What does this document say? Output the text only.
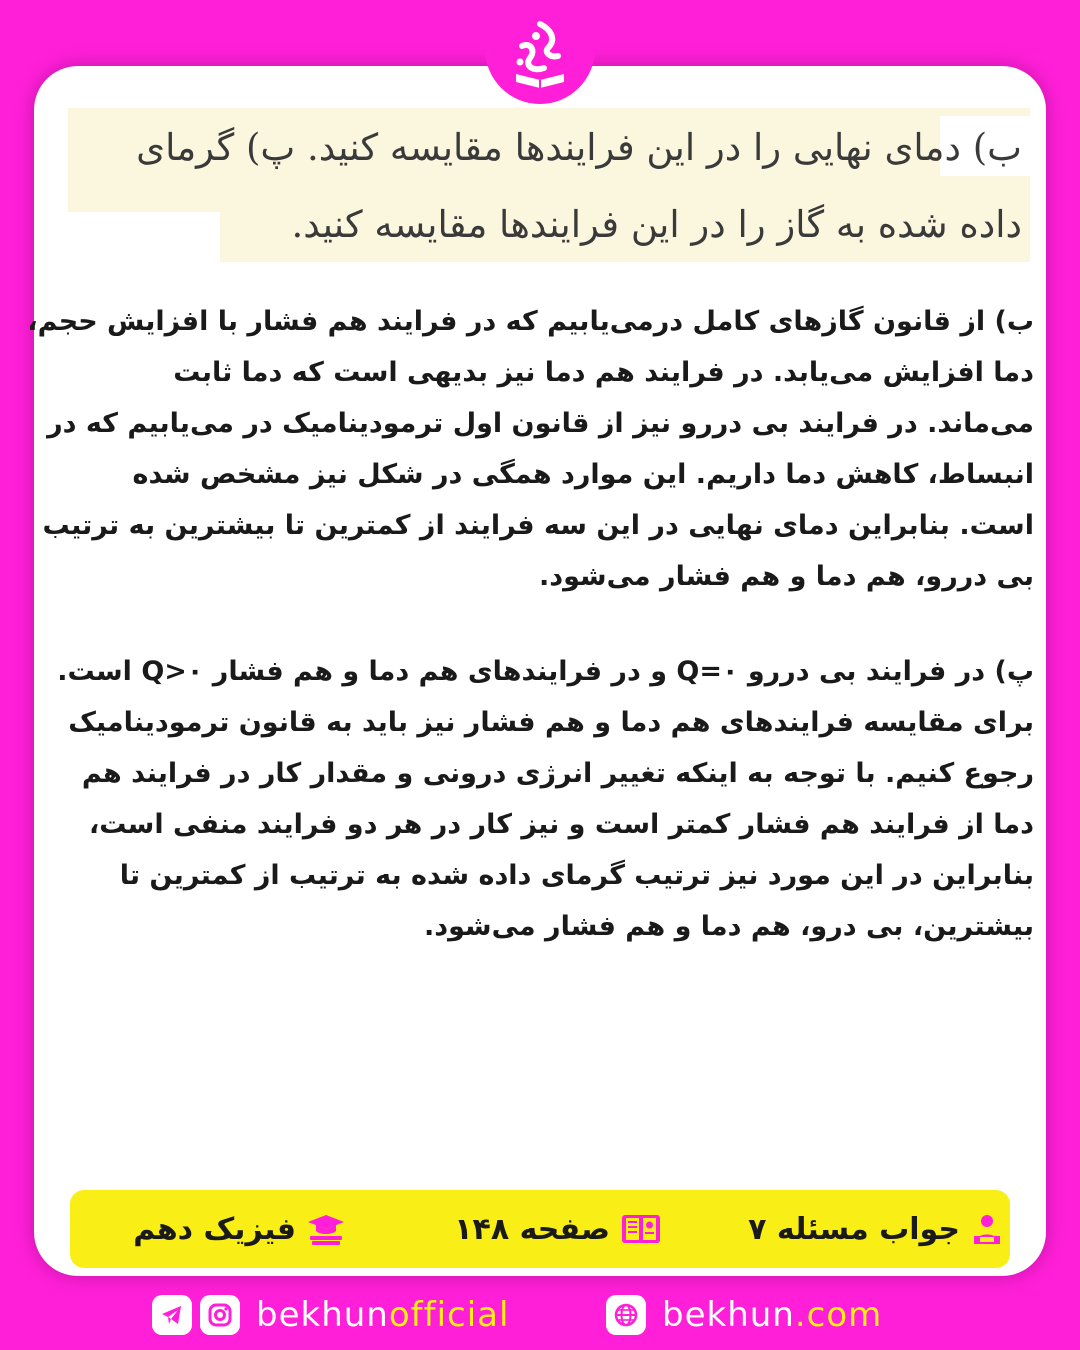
ب) دمای نهایی را در این فرایندها مقایسه کنید. پ) گرمای
داده شده به گاز را در این فرایندها مقایسه کنید.
ب) از قانون گازهای کامل درمی‌یابیم که در فرایند هم فشار با افزایش حجم،
دما افزایش می‌یابد. در فرایند هم دما نیز بدیهی است که دما ثابت
می‌ماند. در فرایند بی دررو نیز از قانون اول ترمودینامیک در می‌یابیم که در
انبساط، کاهش دما داریم. این موارد همگی در شکل نیز مشخص شده
است. بنابراین دمای نهایی در این سه فرایند از کمترین تا بیشترین به ترتیب
بی دررو، هم دما و هم فشار می‌شود.
پ) در فرایند بی دررو Q=۰ و در فرایندهای هم دما و هم فشار Q>۰ است.
برای مقایسه فرایندهای هم دما و هم فشار نیز باید به قانون ترمودینامیک
رجوع کنیم. با توجه به اینکه تغییر انرژی درونی و مقدار کار در فرایند هم
دما از فرایند هم فشار کمتر است و نیز کار در هر دو فرایند منفی است،
بنابراین در این مورد نیز ترتیب گرمای داده شده به ترتیب از کمترین تا
بیشترین، بی درو، هم دما و هم فشار می‌شود.
جواب مسئله ۷
صفحه ۱۴۸
فیزیک دهم
bekhunofficial	bekhun.com
